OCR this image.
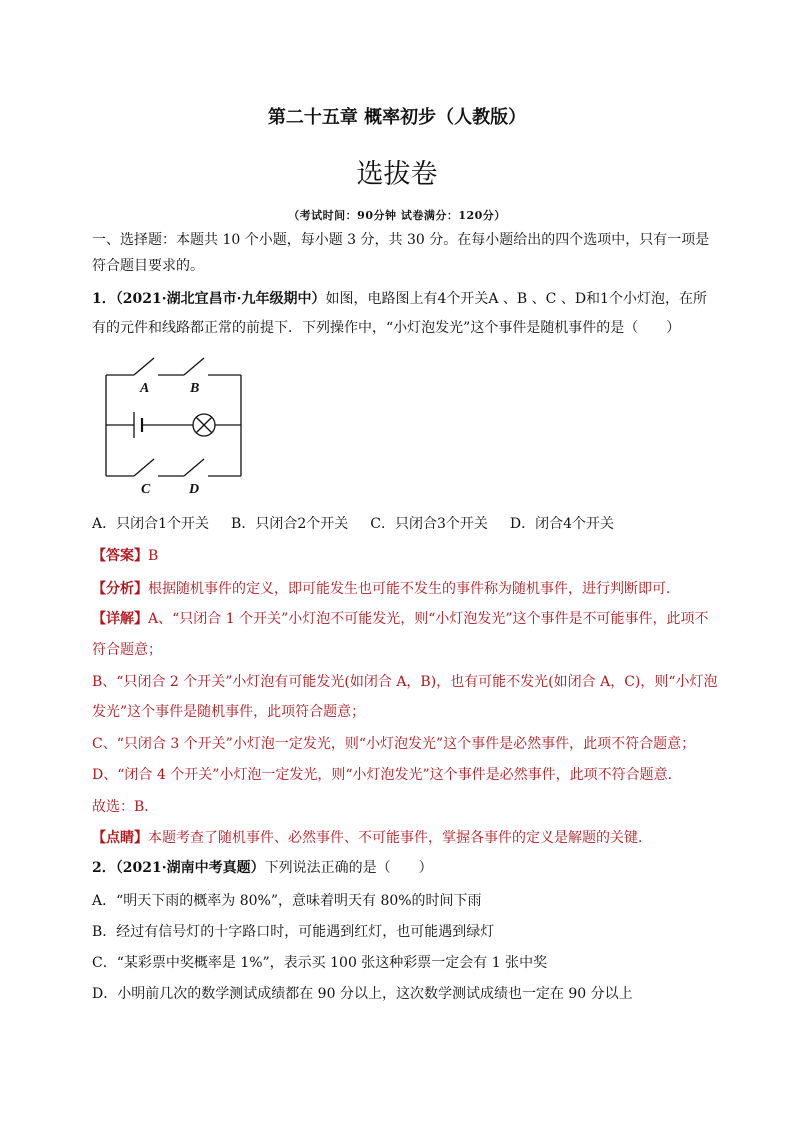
第二十五章 概率初步（人教版）
选拔卷
（考试时间：90分钟 试卷满分：120分）
一、选择题：本题共 10 个小题，每小题 3 分，共 30 分。在每小题给出的四个选项中，只有一项是
符合题目要求的。
1．（2021·湖北宜昌市·九年级期中）如图，电路图上有4个开关A 、B 、C 、D和1个小灯泡，在所
有的元件和线路都正常的前提下．下列操作中，“小灯泡发光”这个事件是随机事件的是（　　）
A	B
C	D
A．只闭合1个开关 B．只闭合2个开关 C．只闭合3个开关 D．闭合4个开关
【答案】B
【分析】根据随机事件的定义，即可能发生也可能不发生的事件称为随机事件，进行判断即可．
【详解】A、“只闭合 1 个开关”小灯泡不可能发光，则“小灯泡发光”这个事件是不可能事件，此项不
符合题意；
B、“只闭合 2 个开关”小灯泡有可能发光(如闭合 A，B)，也有可能不发光(如闭合 A，C)，则“小灯泡
发光”这个事件是随机事件，此项符合题意；
C、“只闭合 3 个开关”小灯泡一定发光，则“小灯泡发光”这个事件是必然事件，此项不符合题意；
D、“闭合 4 个开关”小灯泡一定发光，则“小灯泡发光”这个事件是必然事件，此项不符合题意．
故选：B．
【点睛】本题考查了随机事件、必然事件、不可能事件，掌握各事件的定义是解题的关键．
2．（2021·湖南中考真题）下列说法正确的是（　　）
A．“明天下雨的概率为 80%”，意味着明天有 80%的时间下雨
B．经过有信号灯的十字路口时，可能遇到红灯，也可能遇到绿灯
C．“某彩票中奖概率是 1%”，表示买 100 张这种彩票一定会有 1 张中奖
D．小明前几次的数学测试成绩都在 90 分以上，这次数学测试成绩也一定在 90 分以上
